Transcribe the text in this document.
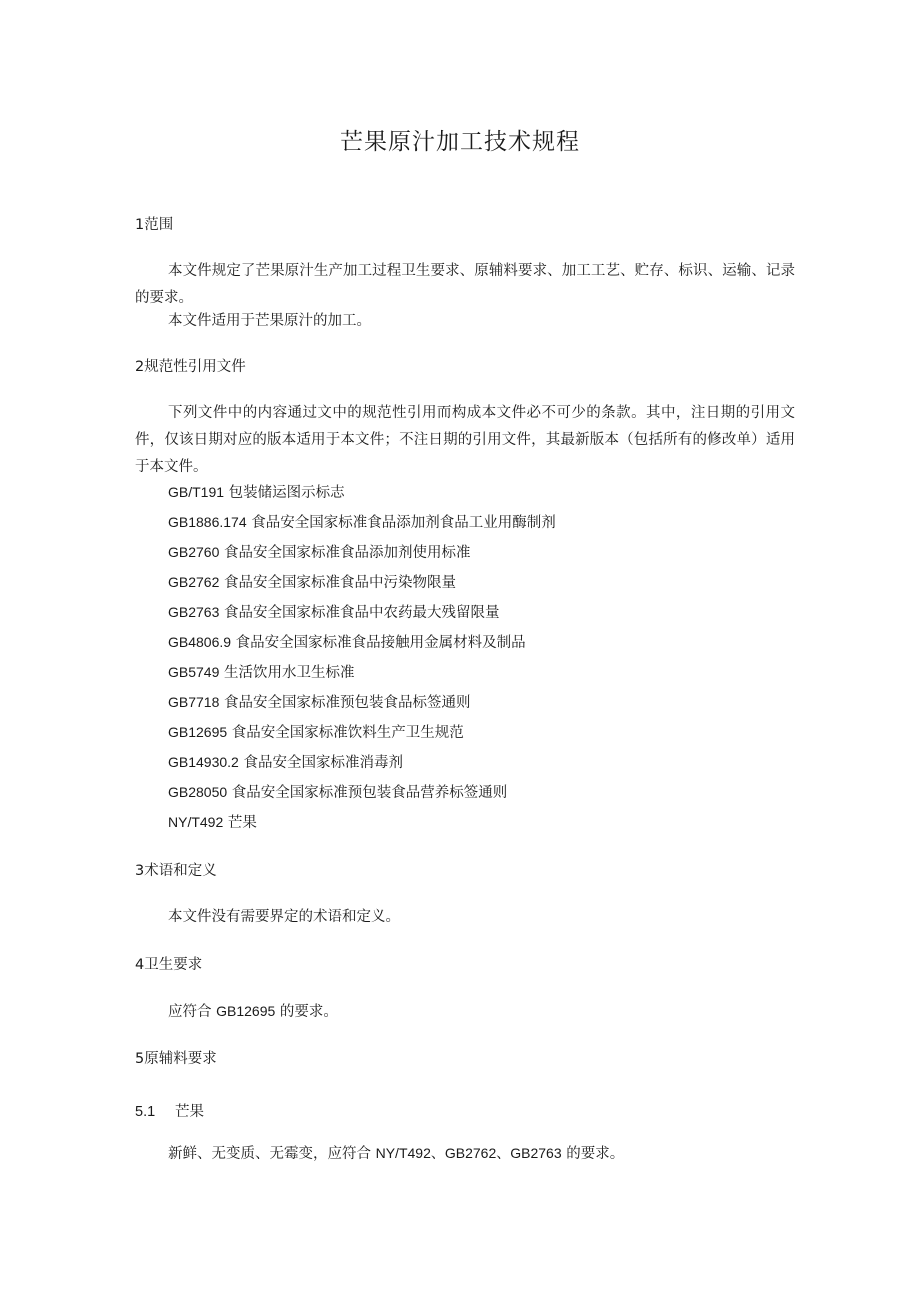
芒果原汁加工技术规程
1范围

本文件规定了芒果原汁生产加工过程卫生要求、原辅料要求、加工工艺、贮存、标识、运输、记录的要求。

本文件适用于芒果原汁的加工。

2规范性引用文件

下列文件中的内容通过文中的规范性引用而构成本文件必不可少的条款。其中，注日期的引用文件，仅该日期对应的版本适用于本文件；不注日期的引用文件，其最新版本（包括所有的修改单）适用于本文件。

GB/T191 包装储运图示标志
GB1886.174 食品安全国家标准食品添加剂食品工业用酶制剂
GB2760 食品安全国家标准食品添加剂使用标准
GB2762 食品安全国家标准食品中污染物限量
GB2763 食品安全国家标准食品中农药最大残留限量
GB4806.9 食品安全国家标准食品接触用金属材料及制品
GB5749 生活饮用水卫生标准
GB7718 食品安全国家标准预包装食品标签通则
GB12695 食品安全国家标准饮料生产卫生规范
GB14930.2 食品安全国家标准消毒剂
GB28050 食品安全国家标准预包装食品营养标签通则
NY/T492 芒果
3术语和定义

本文件没有需要界定的术语和定义。

4卫生要求

应符合 GB12695 的要求。

5原辅料要求
5.1 芒果

新鲜、无变质、无霉变，应符合 NY/T492、GB2762、GB2763 的要求。
